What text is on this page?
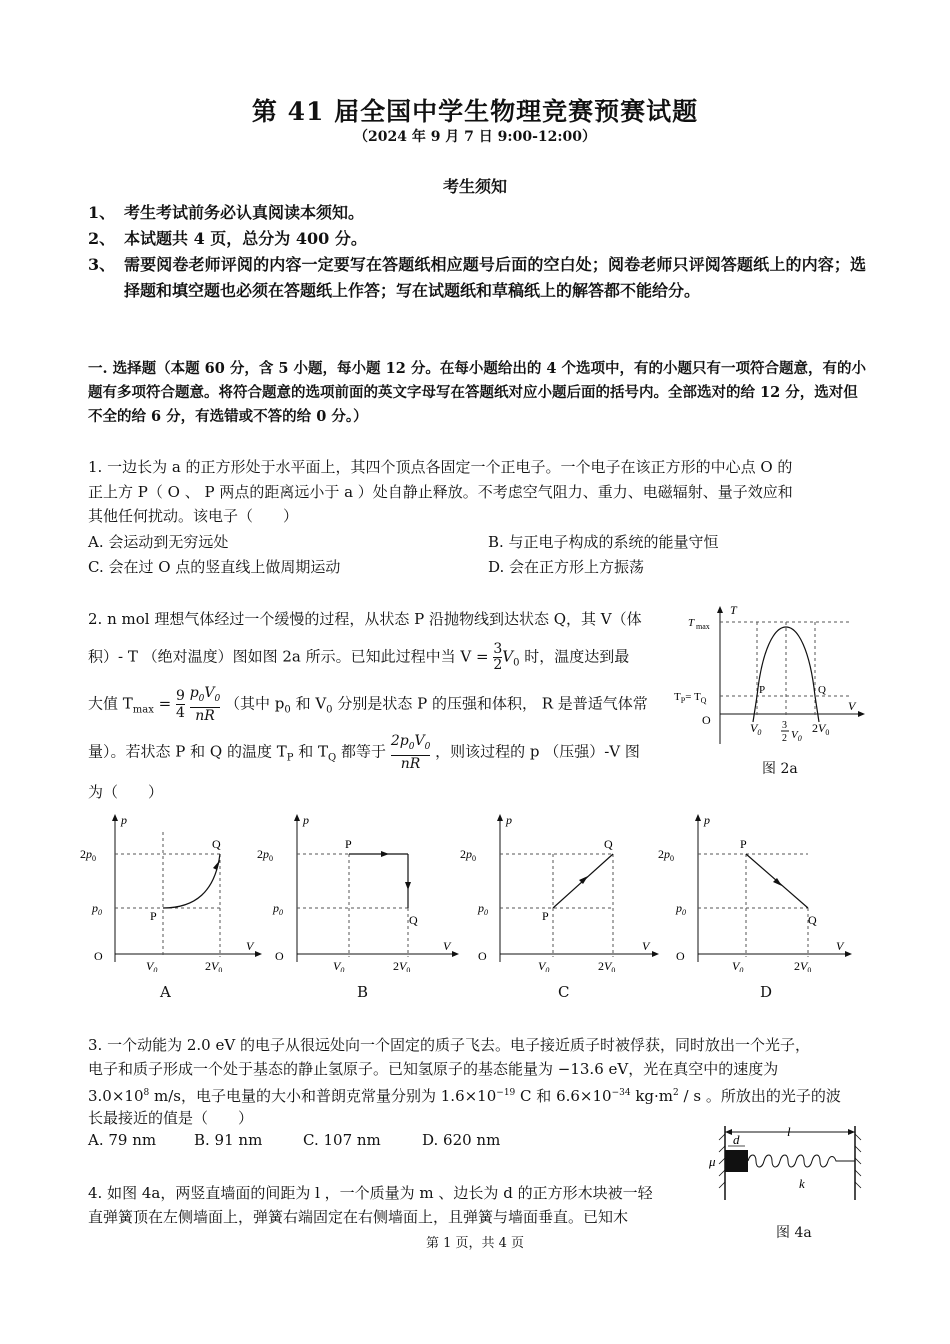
第 41 届全国中学生物理竞赛预赛试题
（2024 年 9 月 7 日 9:00-12:00）
考生须知
1、 考生考试前务必认真阅读本须知。
2、 本试题共 4 页，总分为 400 分。
3、 需要阅卷老师评阅的内容一定要写在答题纸相应题号后面的空白处；阅卷老师只评阅答题纸上的内容；选择题和填空题也必须在答题纸上作答；写在试题纸和草稿纸上的解答都不能给分。
一. 选择题（本题 60 分，含 5 小题，每小题 12 分。在每小题给出的 4 个选项中，有的小题只有一项符合题意，有的小题有多项符合题意。将符合题意的选项前面的英文字母写在答题纸对应小题后面的括号内。全部选对的给 12 分，选对但不全的给 6 分，有选错或不答的给 0 分。）
1. 一边长为 a 的正方形处于水平面上，其四个顶点各固定一个正电子。一个电子在该正方形的中心点 O 的
正上方 P（ O 、 P 两点的距离远小于 a ）处自静止释放。不考虑空气阻力、重力、电磁辐射、量子效应和
其他任何扰动。该电子（　　）
A. 会运动到无穷远处	B. 与正电子构成的系统的能量守恒
C. 会在过 O 点的竖直线上做周期运动	D. 会在正方形上方振荡
2. n mol 理想气体经过一个缓慢的过程，从状态 P 沿抛物线到达状态 Q，其 V（体
积）- T （绝对温度）图如图 2a 所示。已知此过程中当 $V = \frac{3}{2} V_0$ 时，温度达到最
大值 $T_{max} = \frac{9}{4}$
$\frac{p_0V_0}{nR}$ （其中 $p_0$ 和 $V_0$ 分别是状态 P 的压强和体积， R 是普适气体常
量）。若状态 P 和 Q 的温度 $T_P$ 和 $T_Q$ 都等于 $\frac{2p_0V_0}{nR}$ ，则该过程的 p （压强）-V 图
为（　　）
T
T max
$T_P= T_Q$
O
P	Q
V
$V_0$
3
2 $V_0$
$2V_0$
图 2a
p
$2p_0$
$p_0$
O
P
Q
V
$V_0$	$2V_0$
p
$2p_0$
$p_0$
O
P
Q
V
$V_0$	$2V_0$
p
$2p_0$
$p_0$
O
P
Q
V
$V_0$	$2V_0$
p
$2p_0$
$p_0$
O
P
Q
V
$V_0$	$2V_0$
A	B	C	D
3. 一个动能为 2.0 eV 的电子从很远处向一个固定的质子飞去。电子接近质子时被俘获，同时放出一个光子，
电子和质子形成一个处于基态的静止氢原子。已知氢原子的基态能量为 −13.6 eV，光在真空中的速度为
$3.0\times 10^8$ m/s，电子电量的大小和普朗克常量分别为 $1.6\times 10^{-19}$ C 和 $6.6\times 10^{-34}$ $kg\cdot m^2 / s$ 。所放出的光子的波
长最接近的值是（　　）
A. 79 nm	B. 91 nm	C. 107 nm	D. 620 nm
4. 如图 4a，两竖直墙面的间距为 l ，一个质量为 m 、边长为 d 的正方形木块被一轻
直弹簧顶在左侧墙面上，弹簧右端固定在右侧墙面上，且弹簧与墙面垂直。已知木
l
d
μ
k
图 4a
第 1 页，共 4 页
